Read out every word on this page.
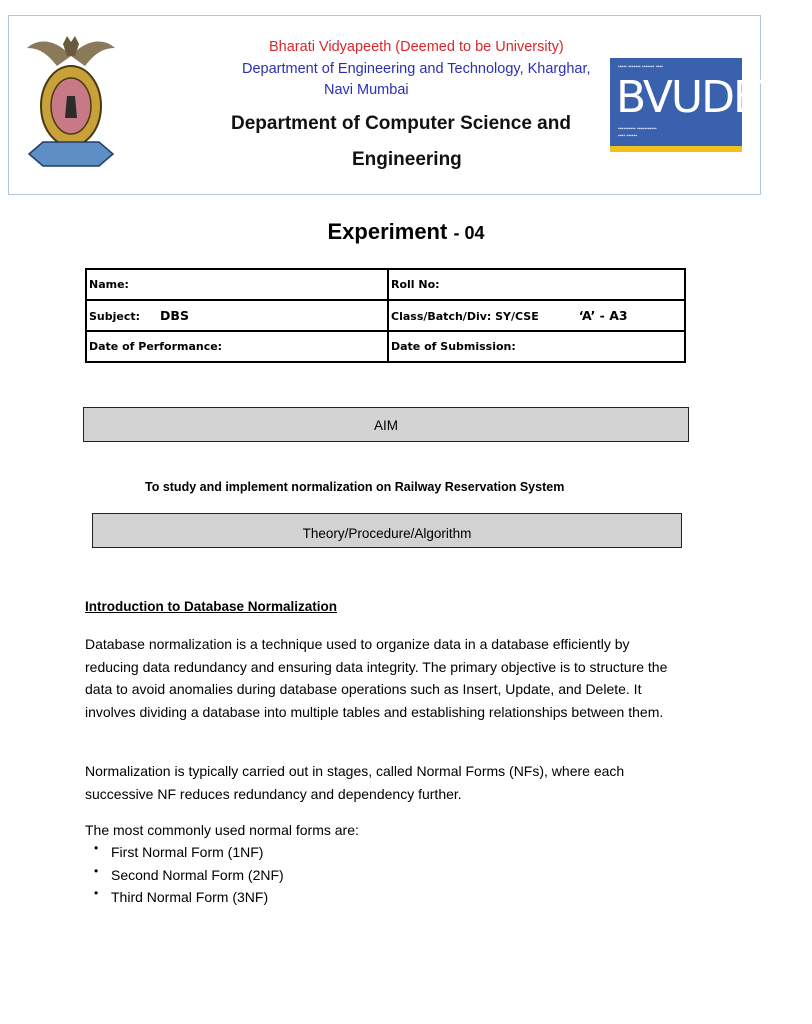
Bharati Vidyapeeth (Deemed to be University)
Department of Engineering and Technology, Kharghar,
Navi Mumbai
Department of Computer Science and
Engineering
▪▪▪▪▪ ▪▪▪▪▪▪▪ ▪▪▪▪▪▪▪ ▪▪▪▪
BVUDET
▪▪▪▪▪▪▪▪▪▪ ▪▪▪▪▪▪▪▪▪▪▪
▪▪▪▪ ▪▪▪▪▪▪
Experiment - 04
Name:	Roll No:
Subject: DBS	Class/Batch/Div: SY/CSE ‘A’ - A3
Date of Performance:	Date of Submission:
AIM
To study and implement normalization on Railway Reservation System
Theory/Procedure/Algorithm
Introduction to Database Normalization

Database normalization is a technique used to organize data in a database efficiently by reducing data redundancy and ensuring data integrity. The primary objective is to structure the data to avoid anomalies during database operations such as Insert, Update, and Delete. It involves dividing a database into multiple tables and establishing relationships between them.

Normalization is typically carried out in stages, called Normal Forms (NFs), where each successive NF reduces redundancy and dependency further.

The most commonly used normal forms are:

• First Normal Form (1NF)
• Second Normal Form (2NF)
• Third Normal Form (3NF)
